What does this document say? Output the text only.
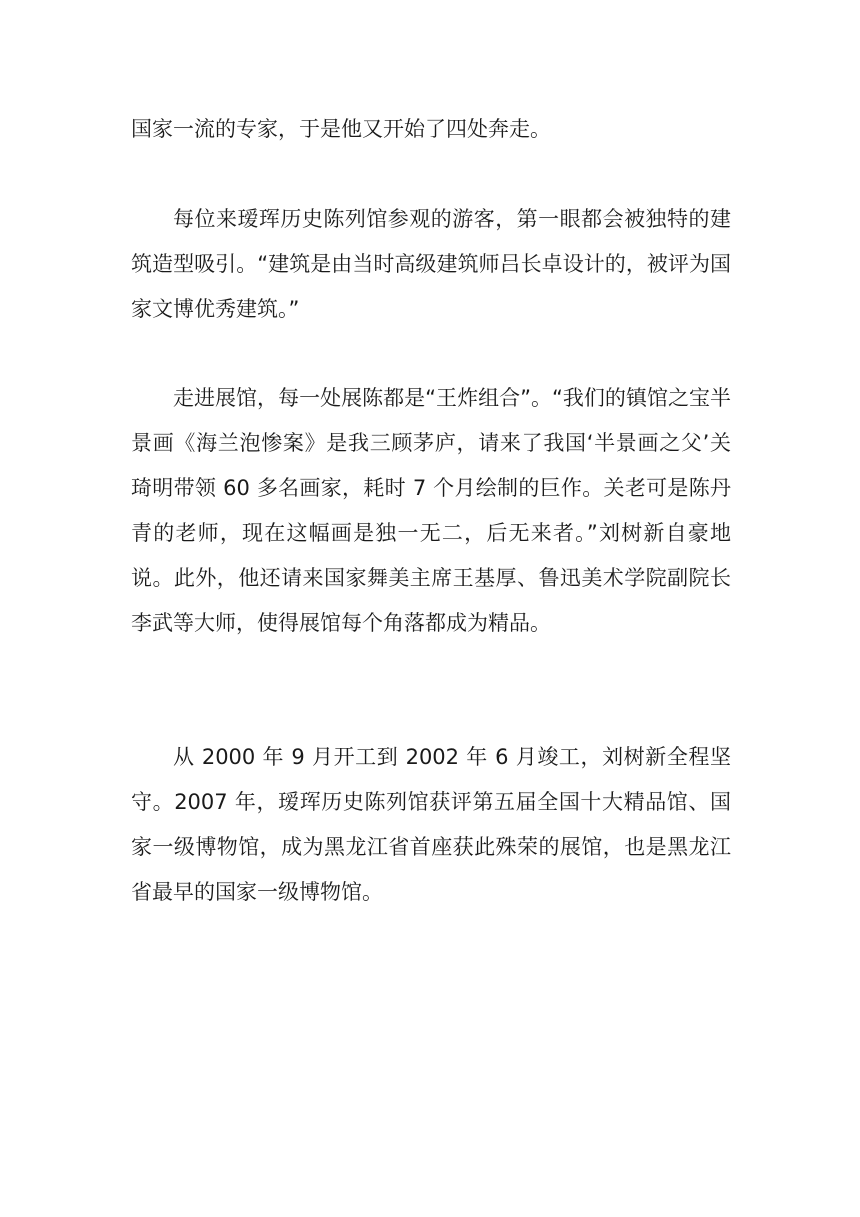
国家一流的专家，于是他又开始了四处奔走。

每位来瑷珲历史陈列馆参观的游客，第一眼都会被独特的建筑造型吸引。“建筑是由当时高级建筑师吕长卓设计的，被评为国家文博优秀建筑。”

走进展馆，每一处展陈都是“王炸组合”。“我们的镇馆之宝半景画《海兰泡惨案》是我三顾茅庐，请来了我国‘半景画之父’关琦明带领 60 多名画家，耗时 7 个月绘制的巨作。关老可是陈丹青的老师，现在这幅画是独一无二，后无来者。”刘树新自豪地说。此外，他还请来国家舞美主席王基厚、鲁迅美术学院副院长李武等大师，使得展馆每个角落都成为精品。

从 2000 年 9 月开工到 2002 年 6 月竣工，刘树新全程坚守。2007 年，瑷珲历史陈列馆获评第五届全国十大精品馆、国家一级博物馆，成为黑龙江省首座获此殊荣的展馆，也是黑龙江省最早的国家一级博物馆。
